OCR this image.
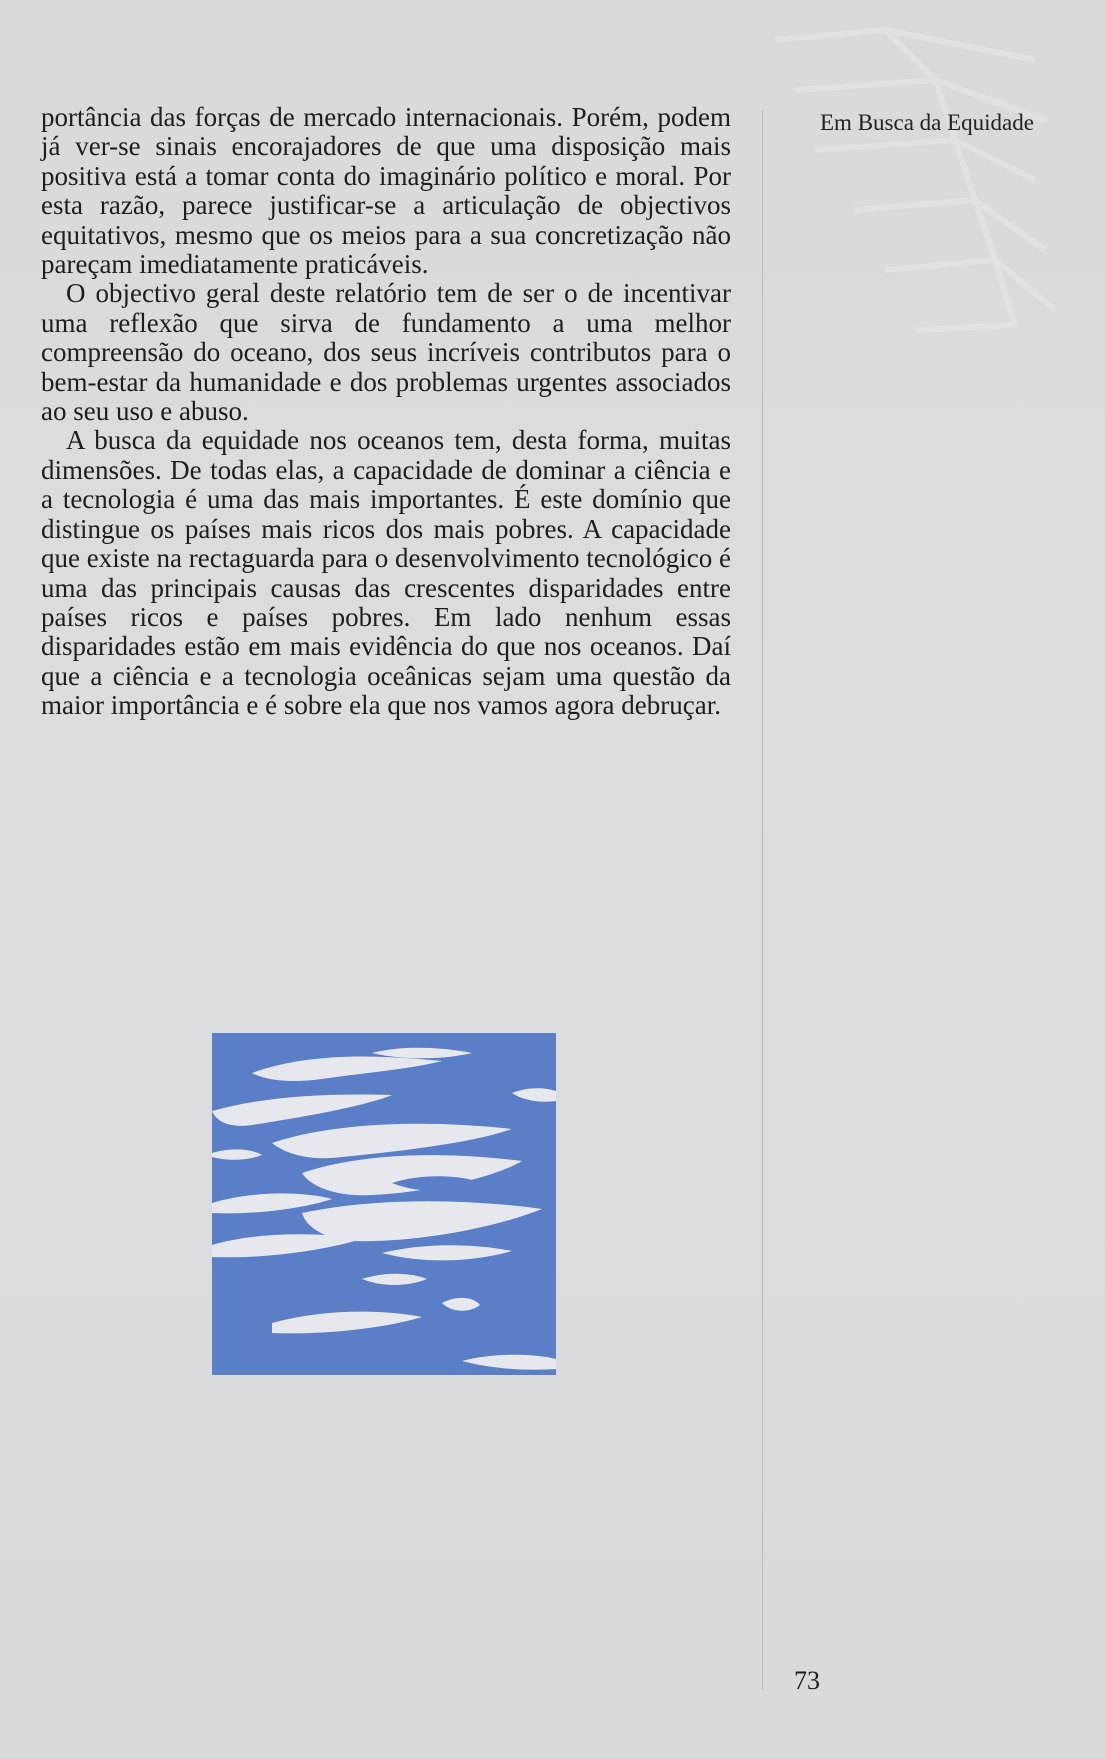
Em Busca da Equidade

portância das forças de mercado internacionais. Porém, podem já ver-se sinais encorajadores de que uma disposição mais positiva está a tomar conta do imaginário político e moral. Por esta razão, parece justificar-se a articulação de objectivos equitativos, mesmo que os meios para a sua concretização não pareçam imediatamente praticáveis.

O objectivo geral deste relatório tem de ser o de incentivar uma reflexão que sirva de fundamento a uma melhor compreensão do oceano, dos seus incríveis contributos para o bem-estar da humanidade e dos problemas urgentes associados ao seu uso e abuso.

A busca da equidade nos oceanos tem, desta forma, muitas dimensões. De todas elas, a capacidade de dominar a ciência e a tecnologia é uma das mais importantes. É este domínio que distingue os países mais ricos dos mais pobres. A capacidade que existe na rectaguarda para o desenvolvimento tecnológico é uma das principais causas das crescentes disparidades entre países ricos e países pobres. Em lado nenhum essas disparidades estão em mais evidência do que nos oceanos. Daí que a ciência e a tecnologia oceânicas sejam uma questão da maior importância e é sobre ela que nos vamos agora debruçar.

73
